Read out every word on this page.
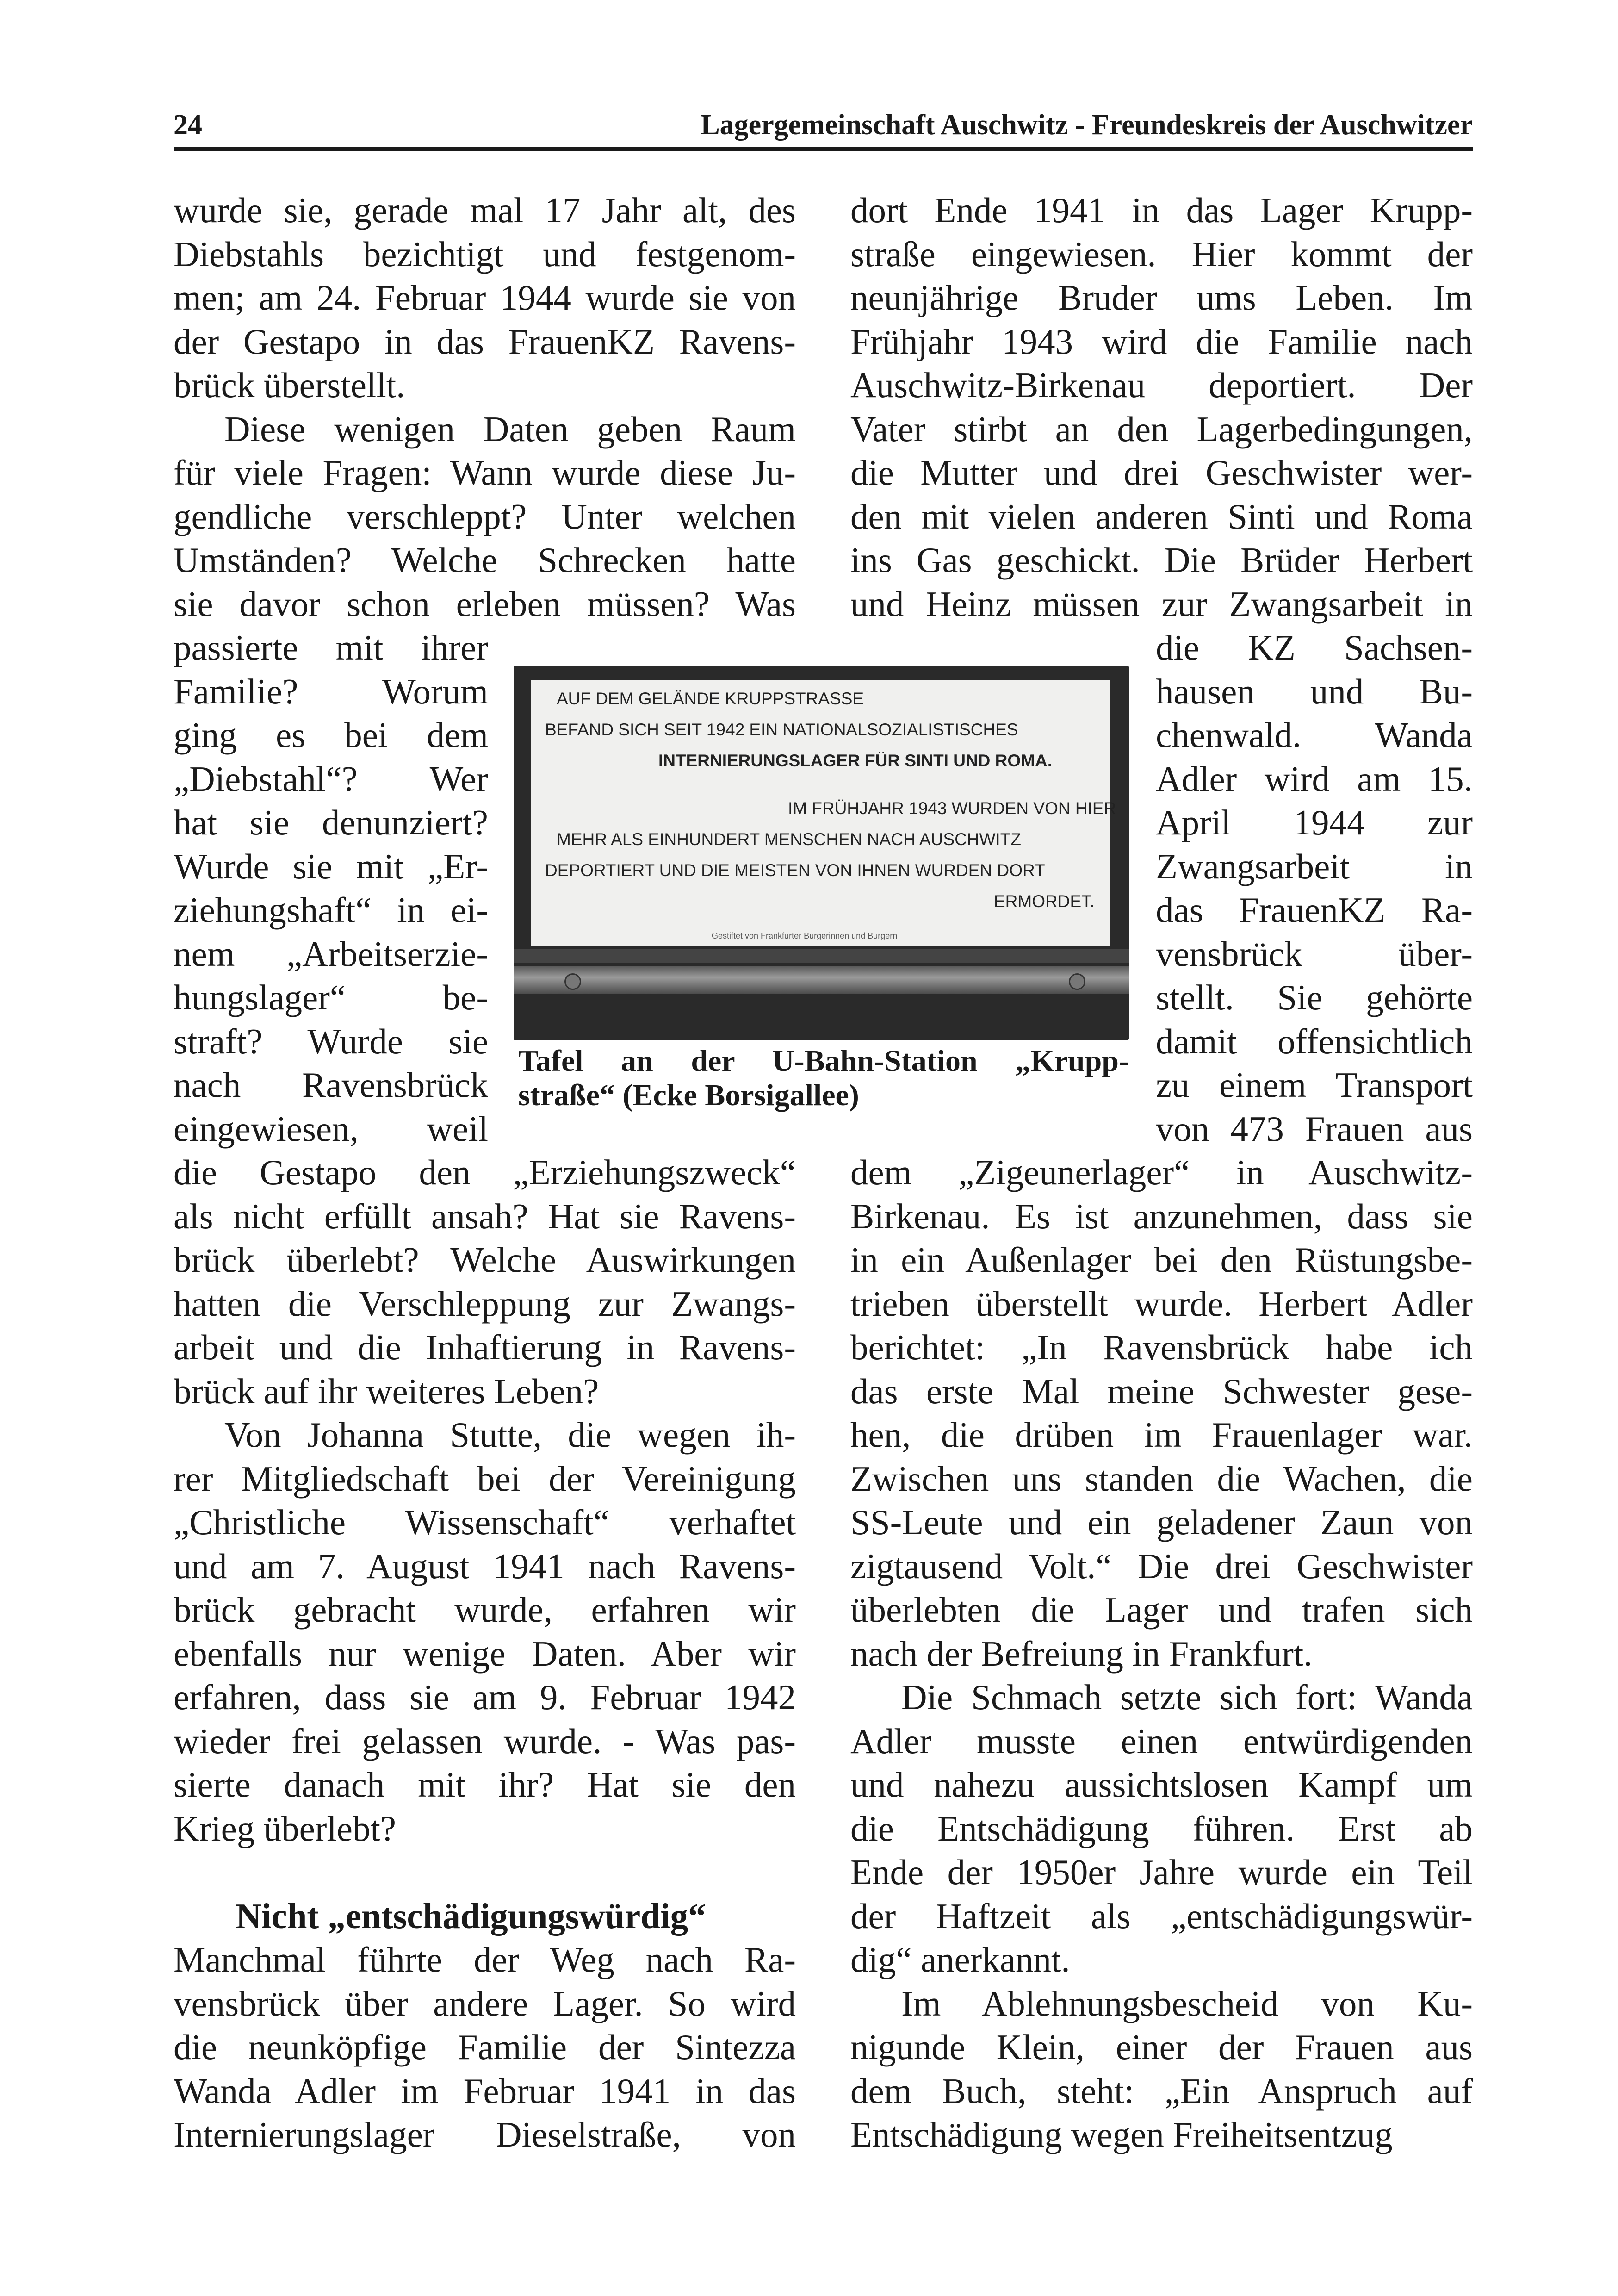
24	Lagergemeinschaft Auschwitz - Freundeskreis der Auschwitzer
wurde sie, gerade mal 17 Jahr alt, des
Diebstahls bezichtigt und festgenom-
men; am 24. Februar 1944 wurde sie von
der Gestapo in das FrauenKZ Ravens-
brück überstellt.
Diese wenigen Daten geben Raum
für viele Fragen: Wann wurde diese Ju-
gendliche verschleppt? Unter welchen
Umständen? Welche Schrecken hatte
sie davor schon erleben müssen? Was
passierte mit ihrer
Familie? Worum
ging es bei dem
„Diebstahl“? Wer
hat sie denunziert?
Wurde sie mit „Er-
ziehungshaft“ in ei-
nem „Arbeitserzie-
hungslager“ be-
straft? Wurde sie
nach Ravensbrück
eingewiesen, weil
die Gestapo den „Erziehungszweck“
als nicht erfüllt ansah? Hat sie Ravens-
brück überlebt? Welche Auswirkungen
hatten die Verschleppung zur Zwangs-
arbeit und die Inhaftierung in Ravens-
brück auf ihr weiteres Leben?
Von Johanna Stutte, die wegen ih-
rer Mitgliedschaft bei der Vereinigung
„Christliche Wissenschaft“ verhaftet
und am 7. August 1941 nach Ravens-
brück gebracht wurde, erfahren wir
ebenfalls nur wenige Daten. Aber wir
erfahren, dass sie am 9. Februar 1942
wieder frei gelassen wurde. - Was pas-
sierte danach mit ihr? Hat sie den
Krieg überlebt?
Nicht „entschädigungswürdig“
Manchmal führte der Weg nach Ra-
vensbrück über andere Lager. So wird
die neunköpfige Familie der Sintezza
Wanda Adler im Februar 1941 in das
Internierungslager Dieselstraße, von
dort Ende 1941 in das Lager Krupp-
straße eingewiesen. Hier kommt der
neunjährige Bruder ums Leben. Im
Frühjahr 1943 wird die Familie nach
Auschwitz-Birkenau deportiert. Der
Vater stirbt an den Lagerbedingungen,
die Mutter und drei Geschwister wer-
den mit vielen anderen Sinti und Roma
ins Gas geschickt. Die Brüder Herbert
und Heinz müssen zur Zwangsarbeit in
die KZ Sachsen-
hausen und Bu-
chenwald. Wanda
Adler wird am 15.
April 1944 zur
Zwangsarbeit in
das FrauenKZ Ra-
vensbrück über-
stellt. Sie gehörte
damit offensichtlich
zu einem Transport
von 473 Frauen aus
dem „Zigeunerlager“ in Auschwitz-
Birkenau. Es ist anzunehmen, dass sie
in ein Außenlager bei den Rüstungsbe-
trieben überstellt wurde. Herbert Adler
berichtet: „In Ravensbrück habe ich
das erste Mal meine Schwester gese-
hen, die drüben im Frauenlager war.
Zwischen uns standen die Wachen, die
SS-Leute und ein geladener Zaun von
zigtausend Volt.“ Die drei Geschwister
überlebten die Lager und trafen sich
nach der Befreiung in Frankfurt.
Die Schmach setzte sich fort: Wanda
Adler musste einen entwürdigenden
und nahezu aussichtslosen Kampf um
die Entschädigung führen. Erst ab
Ende der 1950er Jahre wurde ein Teil
der Haftzeit als „entschädigungswür-
dig“ anerkannt.
Im Ablehnungsbescheid von Ku-
nigunde Klein, einer der Frauen aus
dem Buch, steht: „Ein Anspruch auf
Entschädigung wegen Freiheitsentzug
AUF DEM GELÄNDE KRUPPSTRASSE
BEFAND SICH SEIT 1942 EIN NATIONALSOZIALISTISCHES
INTERNIERUNGSLAGER FÜR SINTI UND ROMA.
IM FRÜHJAHR 1943 WURDEN VON HIER
MEHR ALS EINHUNDERT MENSCHEN NACH AUSCHWITZ
DEPORTIERT UND DIE MEISTEN VON IHNEN WURDEN DORT
ERMORDET.
Gestiftet von Frankfurter Bürgerinnen und Bürgern
Tafel an der U-Bahn-Station „Krupp-
straße“ (Ecke Borsigallee)
